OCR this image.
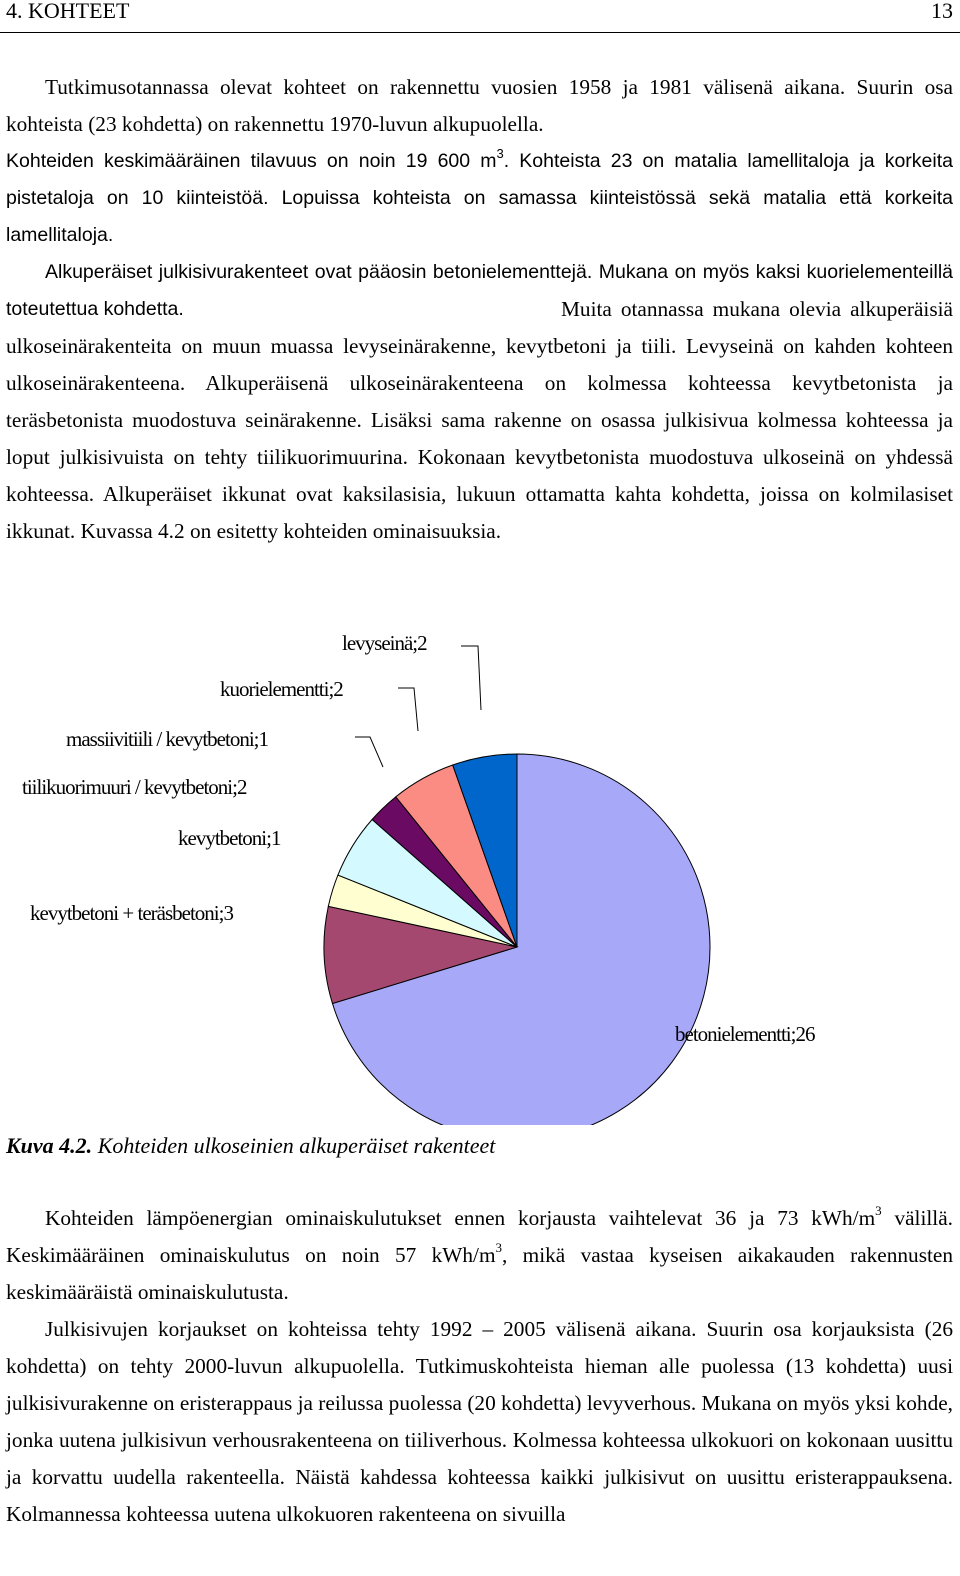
4. KOHTEET	13

Tutkimusotannassa olevat kohteet on rakennettu vuosien 1958 ja 1981 välisenä aikana. Suurin osa kohteista (23 kohdetta) on rakennettu 1970-luvun alkupuolella.

Kohteiden keskimääräinen tilavuus on noin 19 600 $m^3$. Kohteista 23 on matalia lamellitaloja ja korkeita pistetaloja on 10 kiinteistöä. Lopuissa kohteista on samassa kiinteistössä sekä matalia että korkeita lamellitaloja.

Alkuperäiset julkisivurakenteet ovat pääosin betonielementtejä. Mukana on myös kaksi kuorielementeillä toteutettua kohdetta.	Muita otannassa mukana olevia alkuperäisiä ulkoseinärakenteita on muun muassa levyseinärakenne, kevytbetoni ja tiili. Levyseinä on kahden kohteen ulkoseinärakenteena. Alkuperäisenä ulkoseinärakenteena on kolmessa kohteessa kevytbetonista ja teräsbetonista muodostuva seinärakenne. Lisäksi sama rakenne on osassa julkisivua kolmessa kohteessa ja loput julkisivuista on tehty tiilikuorimuurina. Kokonaan kevytbetonista muodostuva ulkoseinä on yhdessä kohteessa. Alkuperäiset ikkunat ovat kaksilasisia, lukuun ottamatta kahta kohdetta, joissa on kolmilasiset ikkunat. Kuvassa 4.2 on esitetty kohteiden ominaisuuksia.

levyseinä;2
kuorielementti;2
massiivitiili / kevytbetoni;1
tiilikuorimuuri / kevytbetoni;2
kevytbetoni;1
kevytbetoni + teräsbetoni;3
betonielementti;26

Kuva 4.2. Kohteiden ulkoseinien alkuperäiset rakenteet

Kohteiden lämpöenergian ominaiskulutukset ennen korjausta vaihtelevat 36 ja 73 kWh/$m^3$ välillä. Keskimääräinen ominaiskulutus on noin 57 kWh/$m^3$, mikä vastaa kyseisen aikakauden rakennusten keskimääräistä ominaiskulutusta.

Julkisivujen korjaukset on kohteissa tehty 1992 – 2005 välisenä aikana. Suurin osa korjauksista (26 kohdetta) on tehty 2000-luvun alkupuolella. Tutkimuskohteista hieman alle puolessa (13 kohdetta) uusi julkisivurakenne on eristerappaus ja reilussa puolessa (20 kohdetta) levyverhous. Mukana on myös yksi kohde, jonka uutena julkisivun verhousrakenteena on tiiliverhous. Kolmessa kohteessa ulkokuori on kokonaan uusittu ja korvattu uudella rakenteella. Näistä kahdessa kohteessa kaikki julkisivut on uusittu eristerappauksena. Kolmannessa kohteessa uutena ulkokuoren rakenteena on sivuilla
